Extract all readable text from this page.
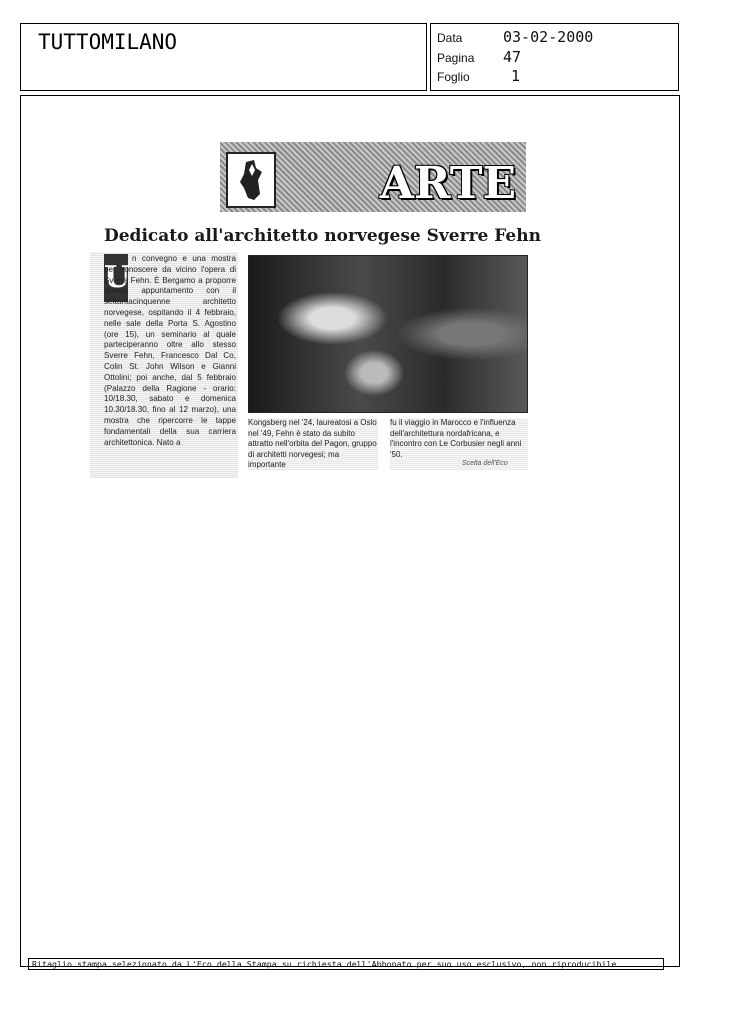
TUTTOMILANO	Data	03-02-2000
Pagina 47
Foglio	1
ARTE
Dedicato all'architetto norvegese Sverre Fehn
U
n convegno e una mostra per conoscere da vicino l'opera di Sverre Fehn. È Bergamo a proporre questo appuntamento con il settantacinquenne architetto norvegese, ospitando il 4 febbraio, nelle sale della Porta S. Agostino (ore 15), un seminario al quale parteciperanno oltre allo stesso Sverre Fehn, Francesco Dal Co, Colin St. John Wilson e Gianni Ottolini; poi anche, dal 5 febbraio (Palazzo della Ragione - orario: 10/18.30, sabato e domenica 10.30/18.30, fino al 12 marzo), una mostra che ripercorre le tappe fondamentali della sua carriera architettonica. Nato a
Kongsberg nel '24, laureatosi a Oslo nel '49, Fehn è stato da subito attratto nell'orbita del Pagon, gruppo di architetti norvegesi; ma importante
fu il viaggio in Marocco e l'influenza dell'architettura nordafricana, e l'incontro con Le Corbusier negli anni '50.
Scelta dell'Eco
Ritaglio stampa selezionato da L'Eco della Stampa su richiesta dell'Abbonato per suo uso esclusivo, non riproducibile
